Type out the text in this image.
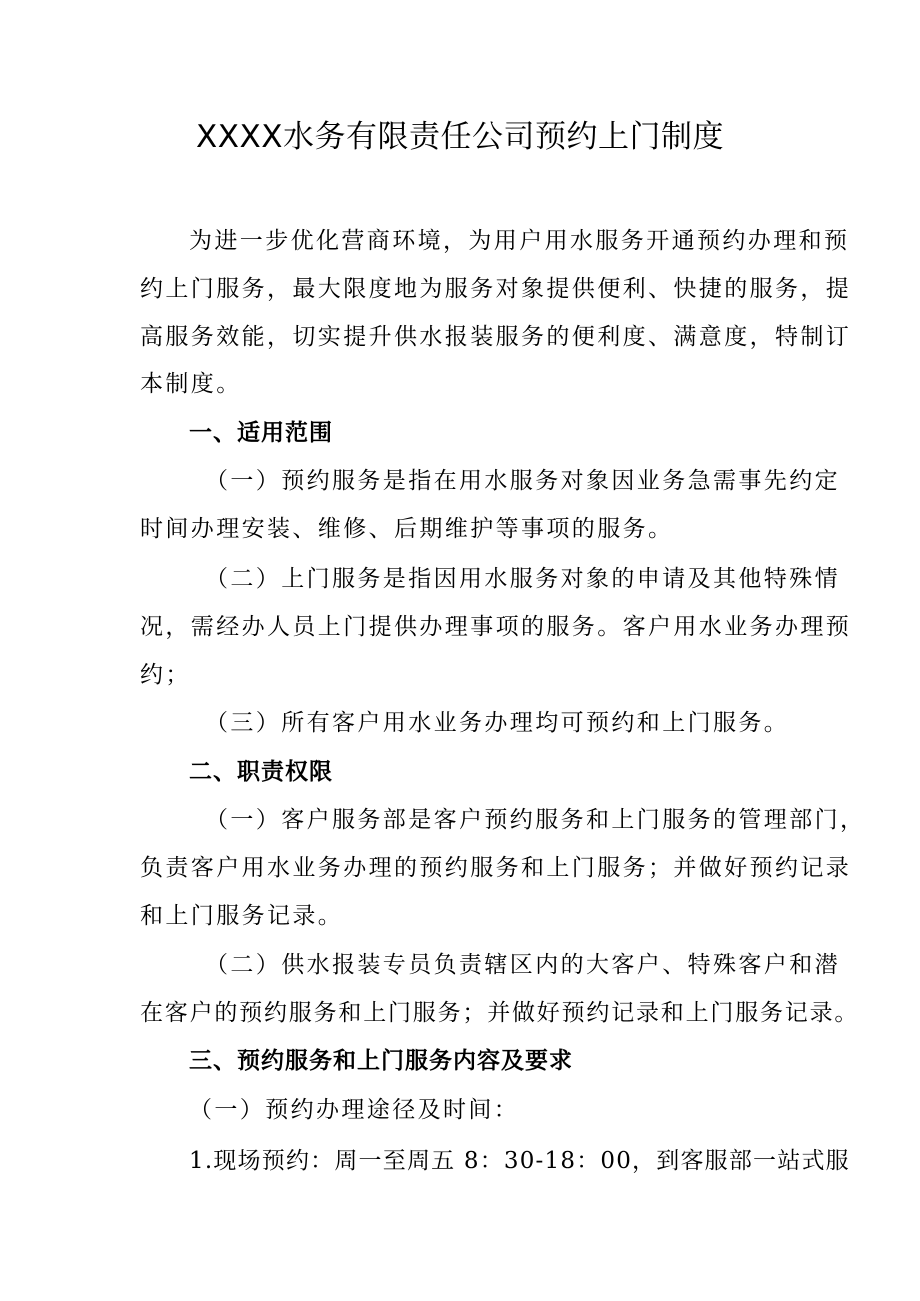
XXXX水务有限责任公司预约上门制度
为进一步优化营商环境，为用户用水服务开通预约办理和预
约上门服务，最大限度地为服务对象提供便利、快捷的服务，提
高服务效能，切实提升供水报装服务的便利度、满意度，特制订
本制度。
一、适用范围
（一）预约服务是指在用水服务对象因业务急需事先约定
时间办理安装、维修、后期维护等事项的服务。
（二）上门服务是指因用水服务对象的申请及其他特殊情
况，需经办人员上门提供办理事项的服务。客户用水业务办理预
约；
（三）所有客户用水业务办理均可预约和上门服务。
二、职责权限
（一）客户服务部是客户预约服务和上门服务的管理部门，
负责客户用水业务办理的预约服务和上门服务；并做好预约记录
和上门服务记录。
（二）供水报装专员负责辖区内的大客户、特殊客户和潜
在客户的预约服务和上门服务；并做好预约记录和上门服务记录。
三、预约服务和上门服务内容及要求
（一）预约办理途径及时间：
1.现场预约：周一至周五 8：30-18：00，到客服部一站式服
